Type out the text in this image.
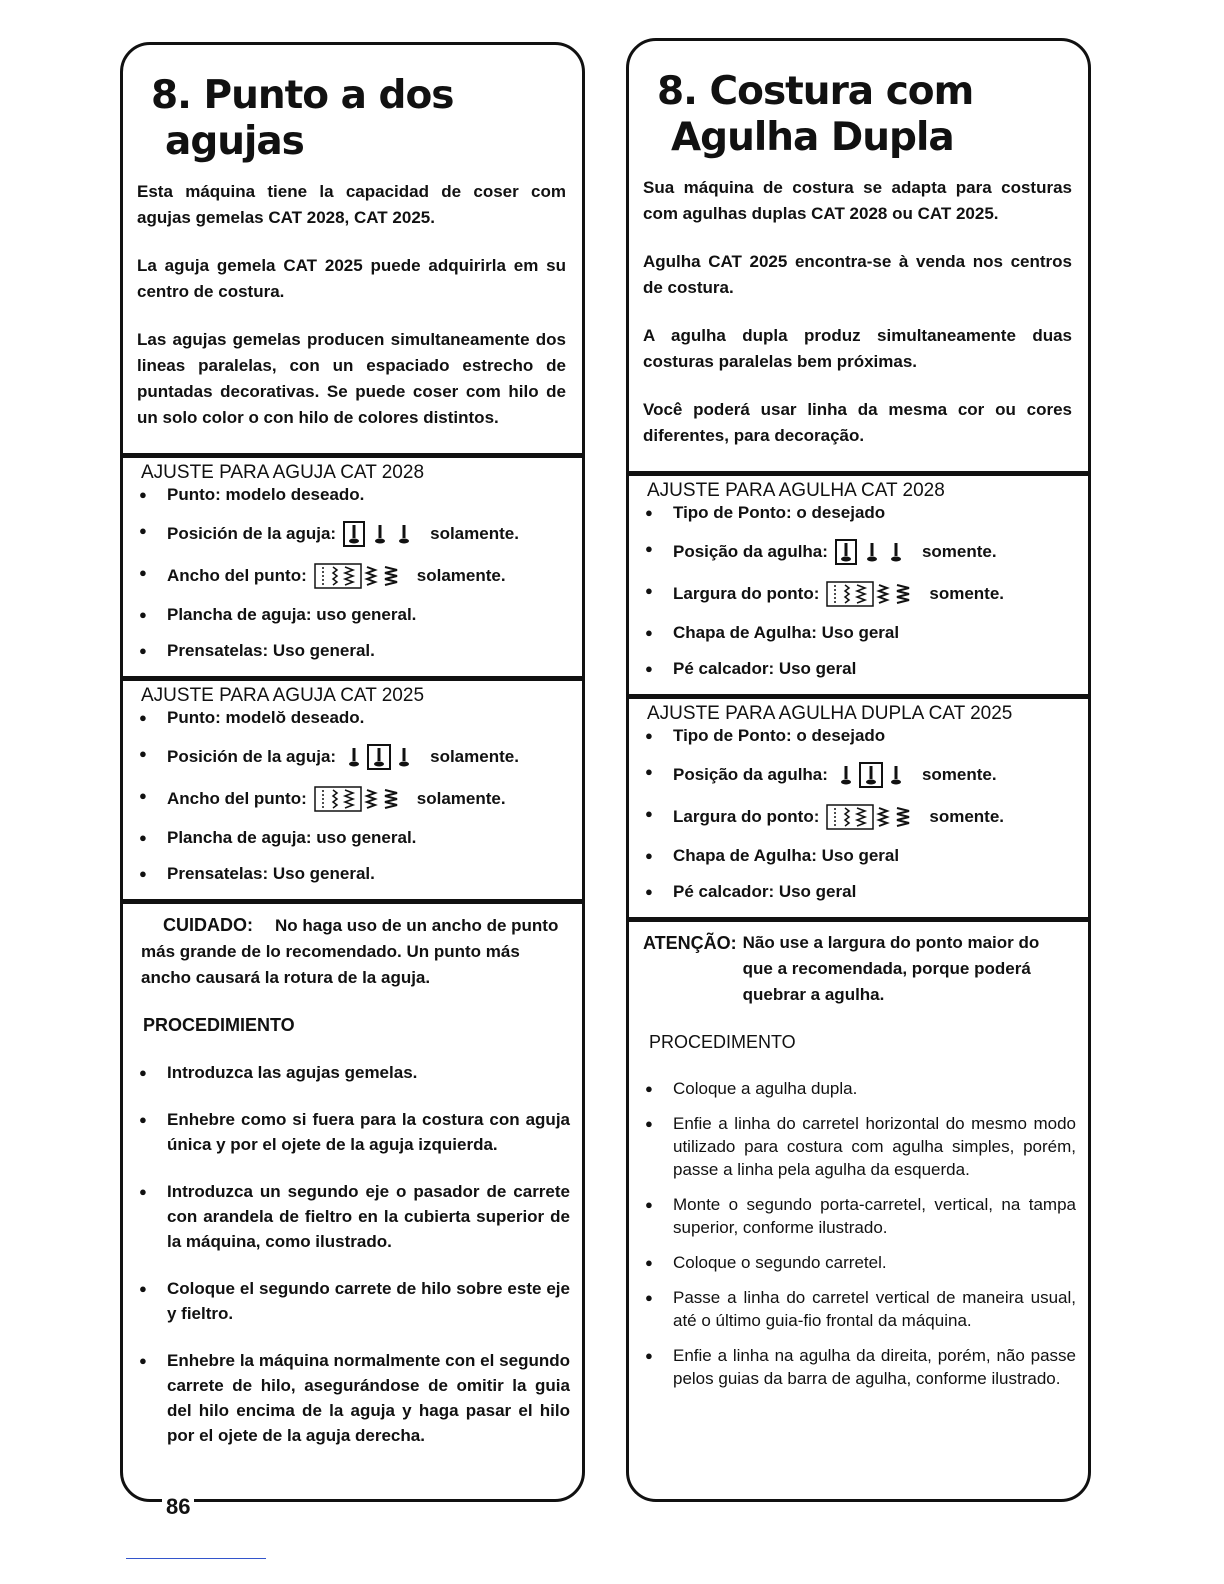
8. Punto a dos
agujas

Esta máquina tiene la capacidad de coser com agujas gemelas CAT 2028, CAT 2025.

La aguja gemela CAT 2025 puede adquirirla em su centro de costura.

Las agujas gemelas producen simultaneamente dos lineas paralelas, con un espaciado estrecho de puntadas decorativas. Se puede coser com hilo de un solo color o con hilo de colores distintos.

AJUSTE PARA AGUJA CAT 2028
● Punto: modelo deseado.
● Posición de la aguja:	solamente.
● Ancho del punto:	solamente.
● Plancha de aguja: uso general.
● Prensatelas: Uso general.
AJUSTE PARA AGUJA CAT 2025
● Punto: modelŏ deseado.
● Posición de la aguja:	solamente.
● Ancho del punto:	solamente.
● Plancha de aguja: uso general.
● Prensatelas: Uso general.
CUIDADO: No haga uso de un ancho de punto más grande de lo recomendado. Un punto más ancho causará la rotura de la aguja.
PROCEDIMIENTO
● Introduzca las agujas gemelas.
● Enhebre como si fuera para la costura con aguja única y por el ojete de la aguja izquierda.
● Introduzca un segundo eje o pasador de carrete con arandela de fieltro en la cubierta superior de la máquina, como ilustrado.
● Coloque el segundo carrete de hilo sobre este eje y fieltro.
● Enhebre la máquina normalmente con el segundo carrete de hilo, asegurándose de omitir la guia del hilo encima de la aguja y haga pasar el hilo por el ojete de la aguja derecha.
8. Costura com
Agulha Dupla

Sua máquina de costura se adapta para costuras com agulhas duplas CAT 2028 ou CAT 2025.

Agulha CAT 2025 encontra-se à venda nos centros de costura.

A agulha dupla produz simultaneamente duas costuras paralelas bem próximas.

Você poderá usar linha da mesma cor ou cores diferentes, para decoração.

AJUSTE PARA AGULHA CAT 2028
● Tipo de Ponto: o desejado
● Posição da agulha:	somente.
● Largura do ponto:	somente.
● Chapa de Agulha: Uso geral
● Pé calcador: Uso geral
AJUSTE PARA AGULHA DUPLA CAT 2025
● Tipo de Ponto: o desejado
● Posição da agulha:	somente.
● Largura do ponto:	somente.
● Chapa de Agulha: Uso geral
● Pé calcador: Uso geral
ATENÇÃO: Não use a largura do ponto maior do que a recomendada, porque poderá quebrar a agulha.
PROCEDIMENTO
● Coloque a agulha dupla.
● Enfie a linha do carretel horizontal do mesmo modo utilizado para costura com agulha simples, porém, passe a linha pela agulha da esquerda.
● Monte o segundo porta-carretel, vertical, na tampa superior, conforme ilustrado.
● Coloque o segundo carretel.
● Passe a linha do carretel vertical de maneira usual, até o último guia-fio frontal da máquina.
● Enfie a linha na agulha da direita, porém, não passe pelos guias da barra de agulha, conforme ilustrado.
86
